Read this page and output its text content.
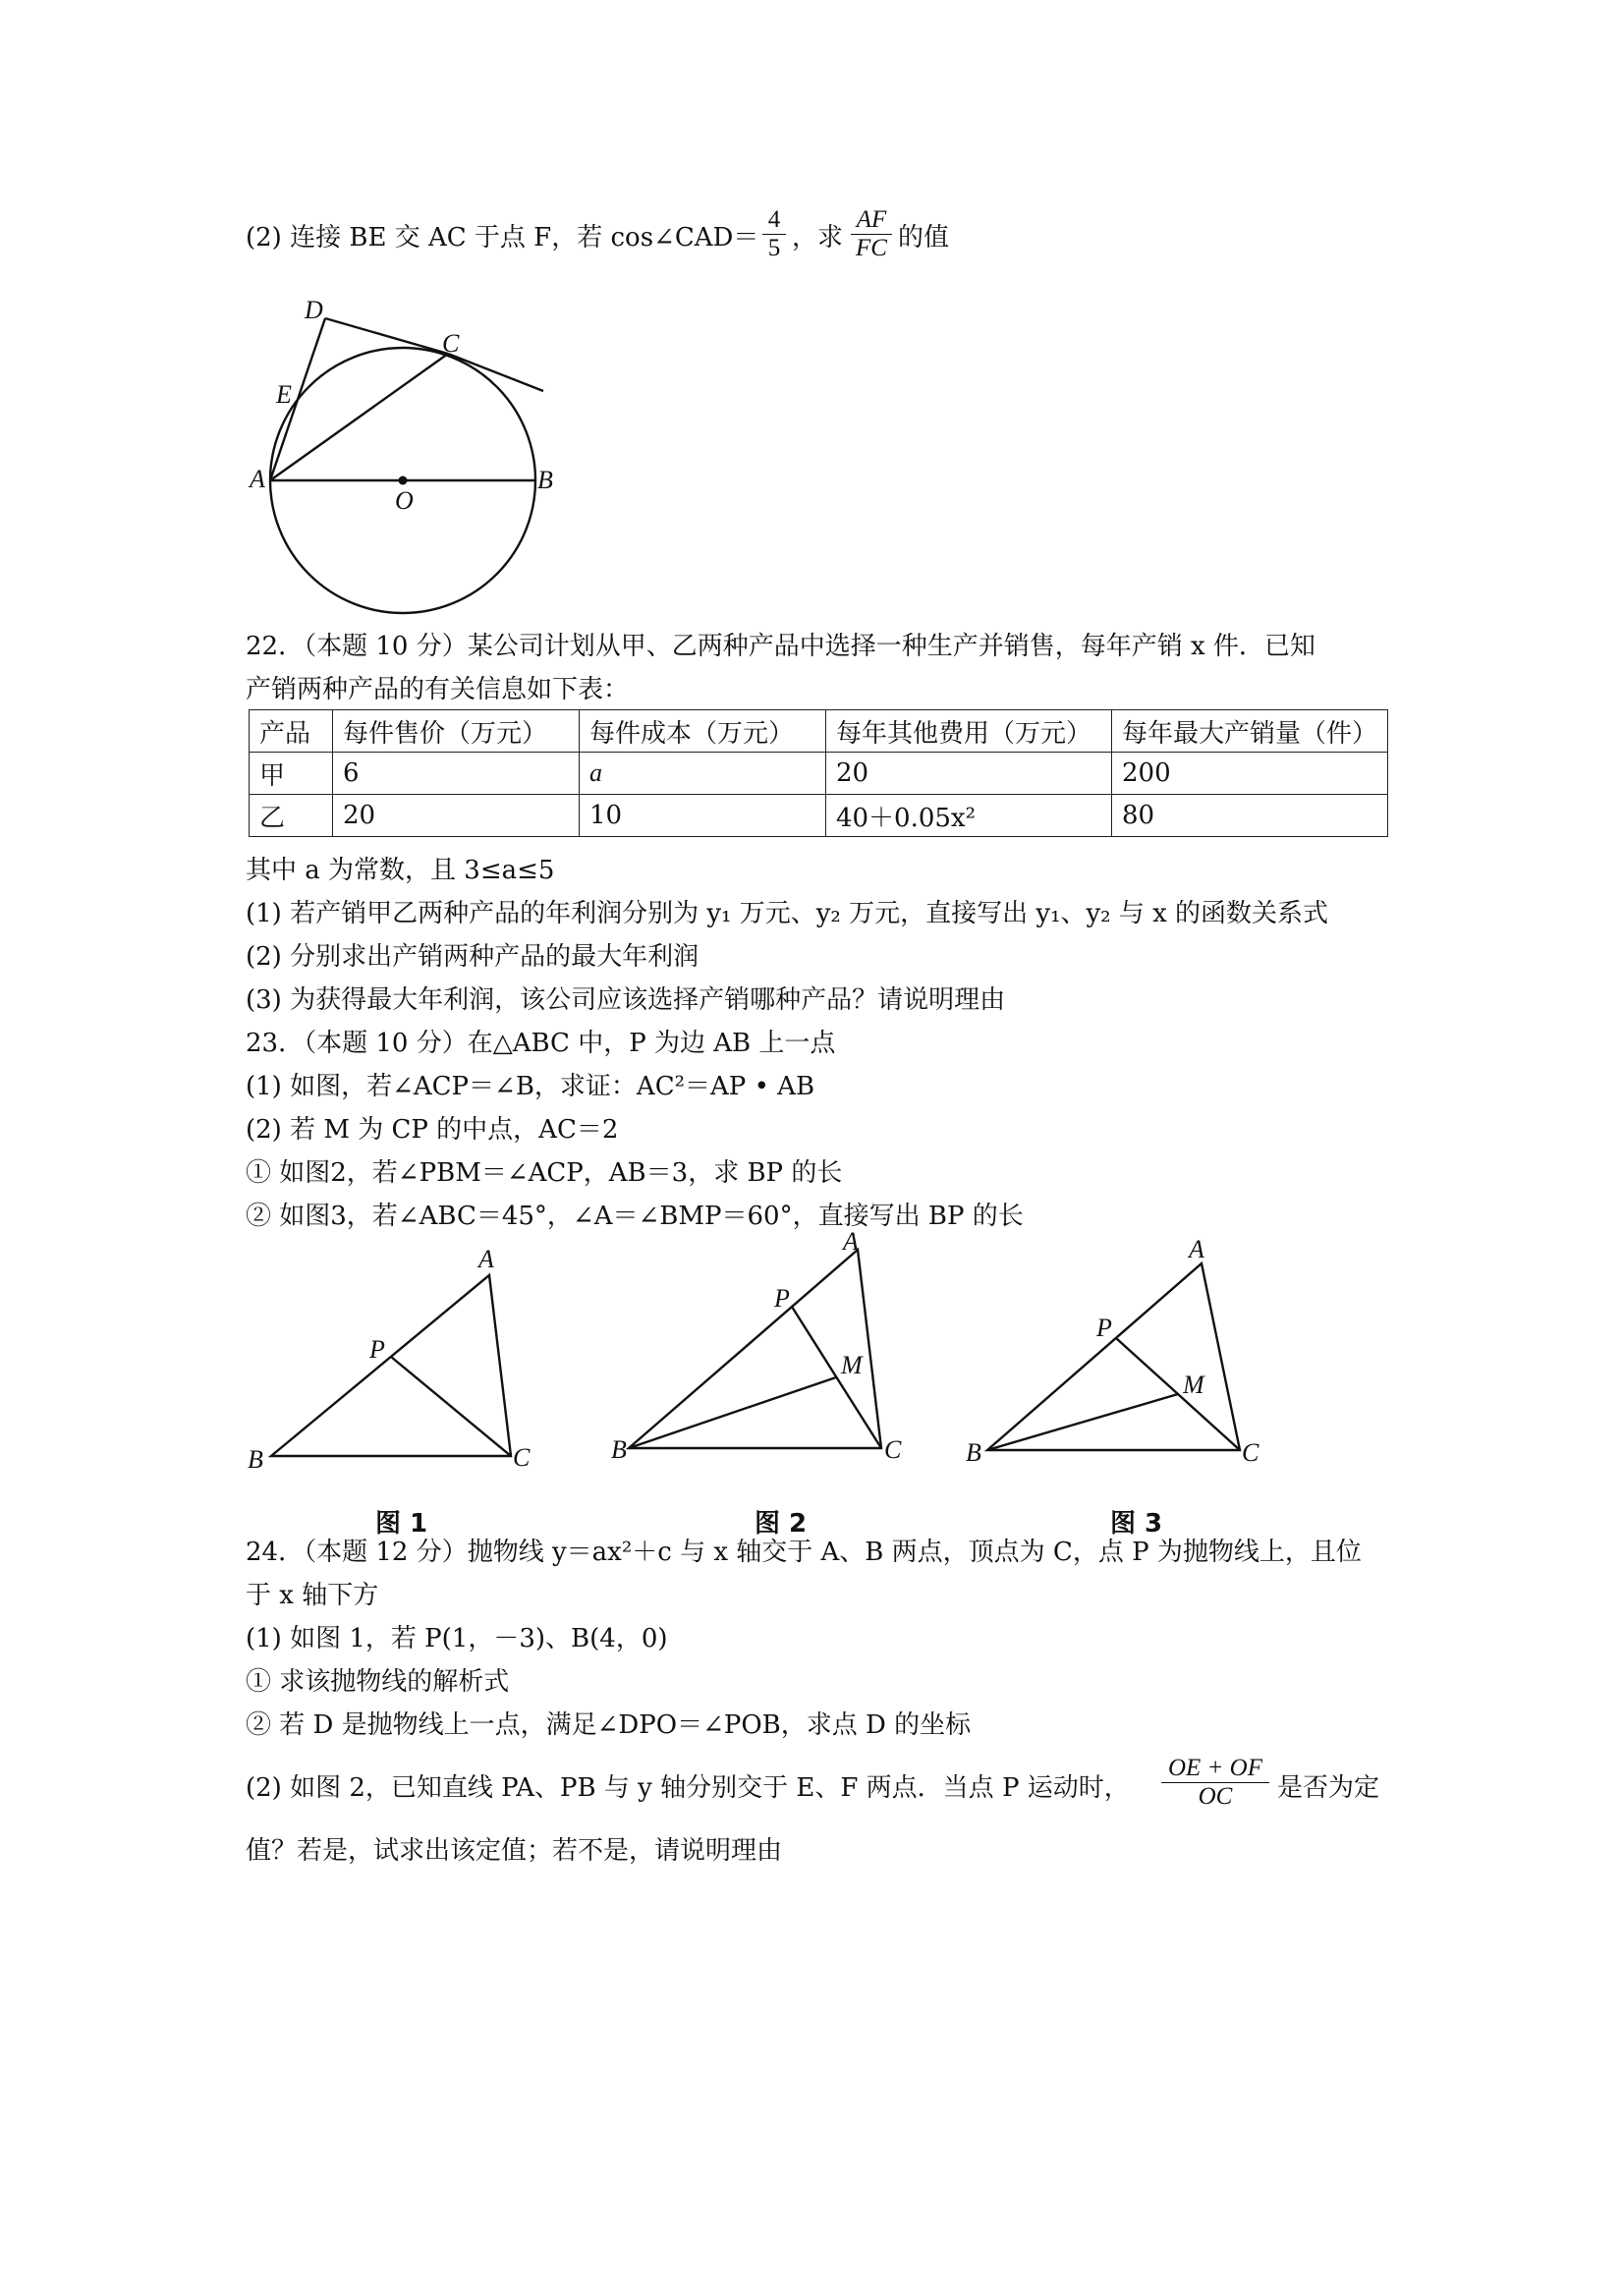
(2) 连接 BE 交 AC 于点 F，若 cos∠CAD＝
4
5 ，求
AF
FC 的值
D
C
E
A
O
B
A
P
B	C
A
P
M
B	C
A
P
M
B	C
22．（本题 10 分）某公司计划从甲、乙两种产品中选择一种生产并销售，每年产销 x 件．已知
产销两种产品的有关信息如下表：
产品	每件售价（万元）	每件成本（万元）	每年其他费用（万元）	每年最大产销量（件）
甲	6	a	20	200
乙	20	10	40＋0.05x²	80
其中 a 为常数，且 3≤a≤5
(1) 若产销甲乙两种产品的年利润分别为 y₁ 万元、y₂ 万元，直接写出 y₁、y₂ 与 x 的函数关系式
(2) 分别求出产销两种产品的最大年利润
(3) 为获得最大年利润，该公司应该选择产销哪种产品？请说明理由
23．（本题 10 分）在△ABC 中，P 为边 AB 上一点
(1) 如图，若∠ACP＝∠B，求证：AC²＝AP • AB
(2) 若 M 为 CP 的中点，AC＝2
① 如图2，若∠PBM＝∠ACP，AB＝3，求 BP 的长
② 如图3，若∠ABC＝45°，∠A＝∠BMP＝60°，直接写出 BP 的长
图 1	图 2	图 3
24．（本题 12 分）抛物线 y＝ax²＋c 与 x 轴交于 A、B 两点，顶点为 C，点 P 为抛物线上，且位
于 x 轴下方
(1) 如图 1，若 P(1，－3)、B(4，0)
① 求该抛物线的解析式
② 若 D 是抛物线上一点，满足∠DPO＝∠POB，求点 D 的坐标
(2) 如图 2，已知直线 PA、PB 与 y 轴分别交于 E、F 两点．当点 P 运动时，
OE + OF
OC	是否为定
值？若是，试求出该定值；若不是，请说明理由
